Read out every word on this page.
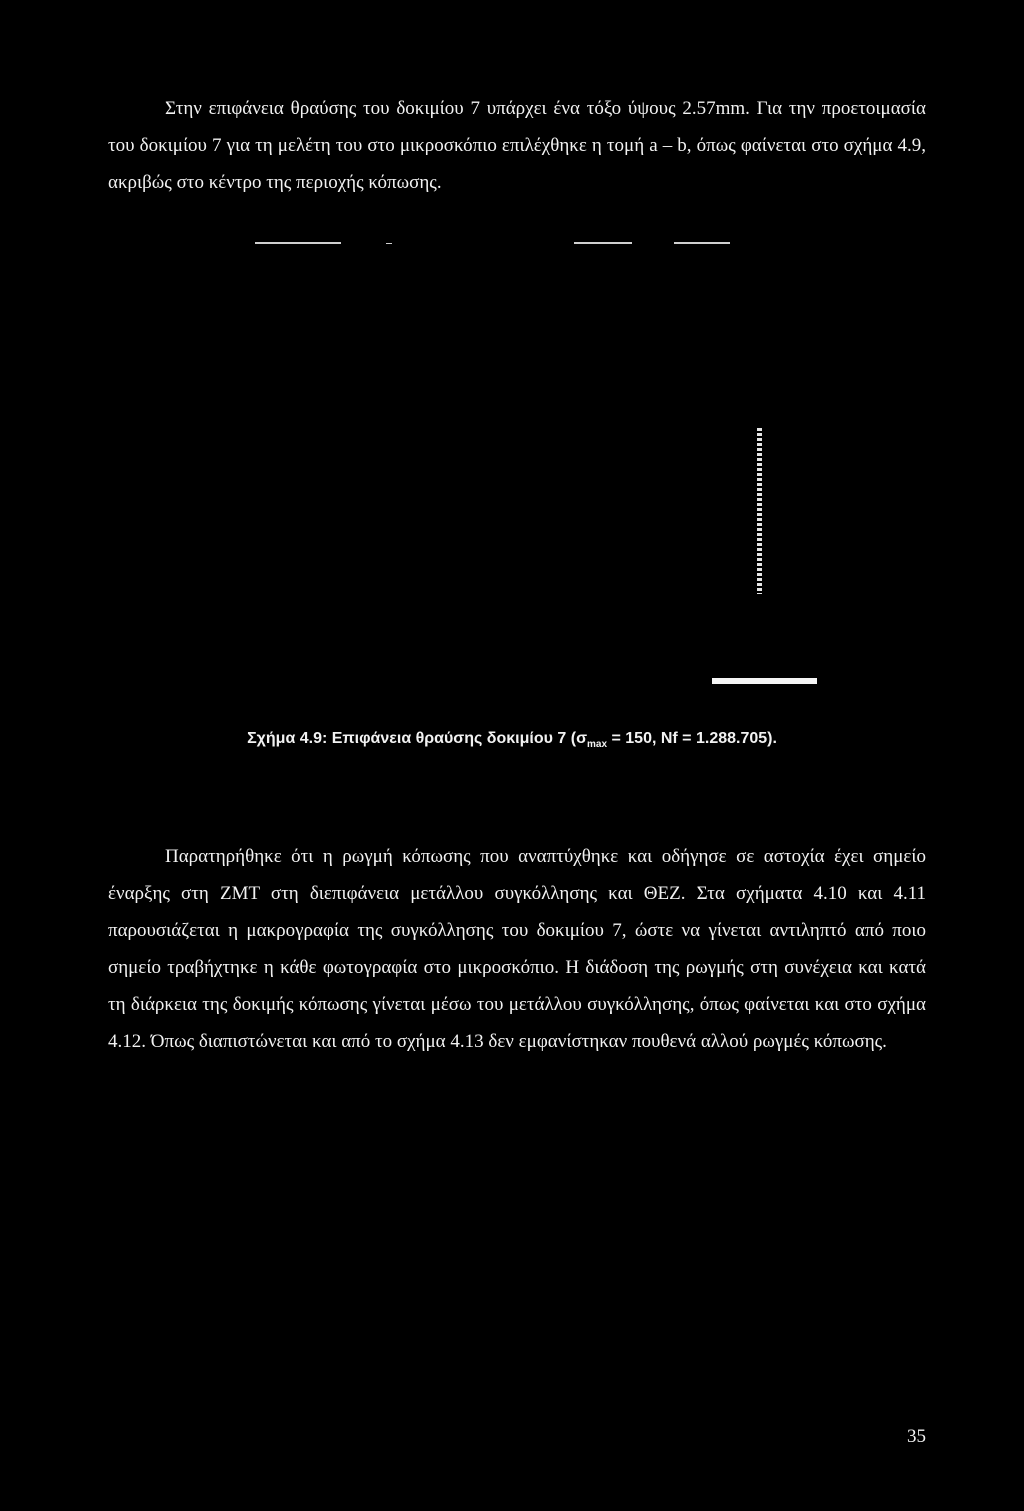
Στην επιφάνεια θραύσης του δοκιμίου 7 υπάρχει ένα τόξο ύψους 2.57mm. Για την προετοιμασία του δοκιμίου 7 για τη μελέτη του στο μικροσκόπιο επιλέχθηκε η τομή a – b, όπως φαίνεται στο σχήμα 4.9, ακριβώς στο κέντρο της περιοχής κόπωσης.

Σχήμα 4.9: Επιφάνεια θραύσης δοκιμίου 7 ($\sigma_{max} = 150$, Nf = 1.288.705).

Παρατηρήθηκε ότι η ρωγμή κόπωσης που αναπτύχθηκε και οδήγησε σε αστοχία έχει σημείο έναρξης στη ΖΜΤ στη διεπιφάνεια μετάλλου συγκόλλησης και ΘΕΖ. Στα σχήματα 4.10 και 4.11 παρουσιάζεται η μακρογραφία της συγκόλλησης του δοκιμίου 7, ώστε να γίνεται αντιληπτό από ποιο σημείο τραβήχτηκε η κάθε φωτογραφία στο μικροσκόπιο. Η διάδοση της ρωγμής στη συνέχεια και κατά τη διάρκεια της δοκιμής κόπωσης γίνεται μέσω του μετάλλου συγκόλλησης, όπως φαίνεται και στο σχήμα 4.12. Όπως διαπιστώνεται και από το σχήμα 4.13 δεν εμφανίστηκαν πουθενά αλλού ρωγμές κόπωσης.

35
